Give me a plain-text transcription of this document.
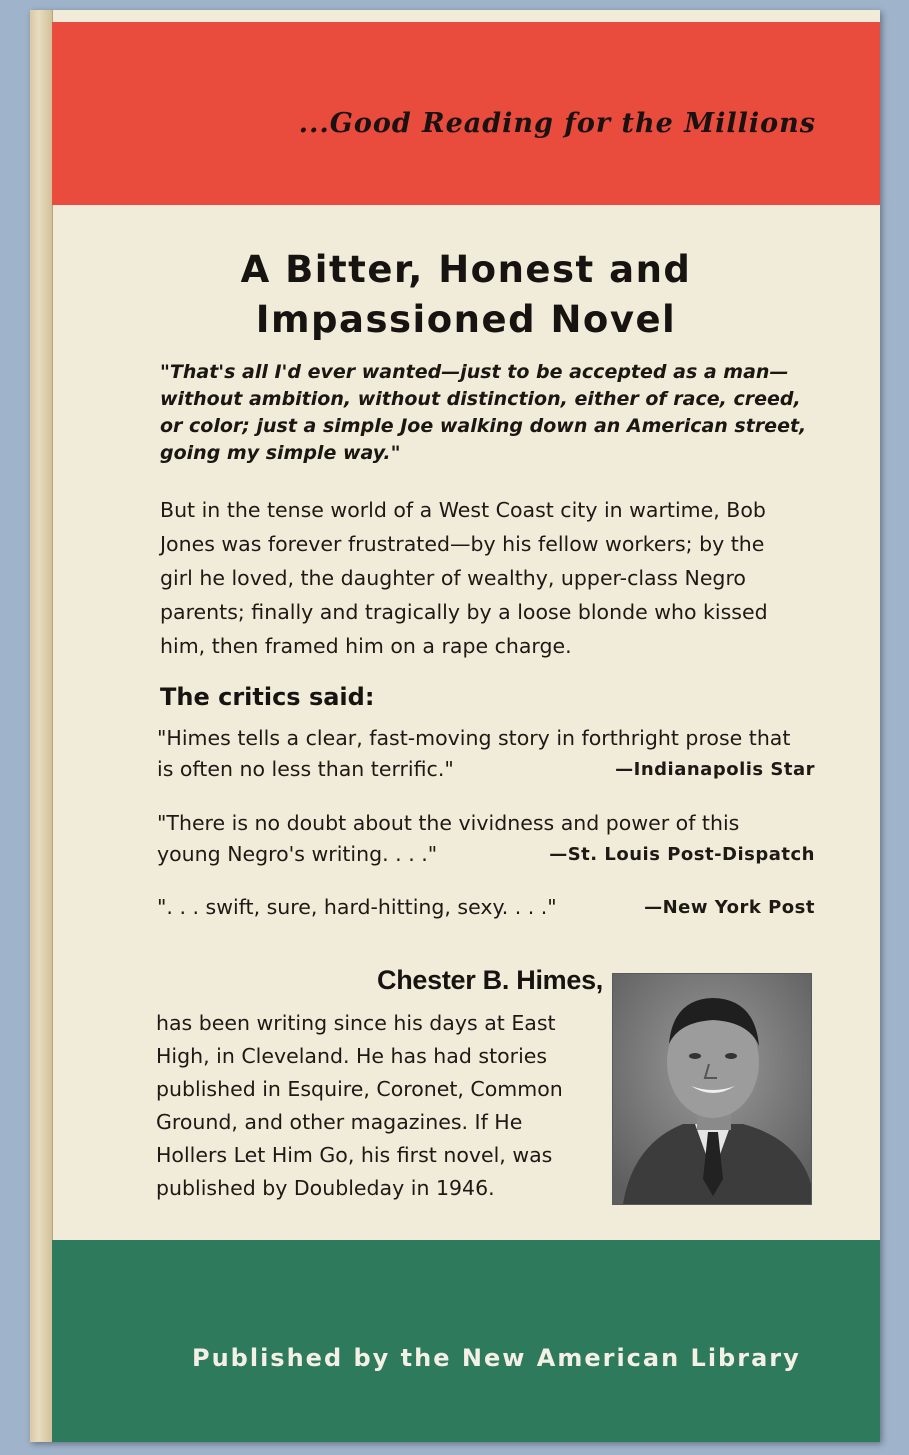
...Good Reading for the Millions
A Bitter, Honest and
Impassioned Novel
"That's all I'd ever wanted—just to be accepted as a man—
without ambition, without distinction, either of race, creed,
or color; just a simple Joe walking down an American street,
going my simple way."
But in the tense world of a West Coast city in wartime, Bob
Jones was forever frustrated—by his fellow workers; by the
girl he loved, the daughter of wealthy, upper-class Negro
parents; finally and tragically by a loose blonde who kissed
him, then framed him on a rape charge.
The critics said:
"Himes tells a clear, fast-moving story in forthright prose that
is often no less than terrific."	—Indianapolis Star
"There is no doubt about the vividness and power of this
young Negro's writing. . . ."	—St. Louis Post-Dispatch
". . . swift, sure, hard-hitting, sexy. . . ."	—New York Post
Chester B. Himes,
has been writing since his days at East
High, in Cleveland. He has had stories
published in Esquire, Coronet, Common
Ground, and other magazines. If He
Hollers Let Him Go, his first novel, was
published by Doubleday in 1946.
Published by the New American Library
